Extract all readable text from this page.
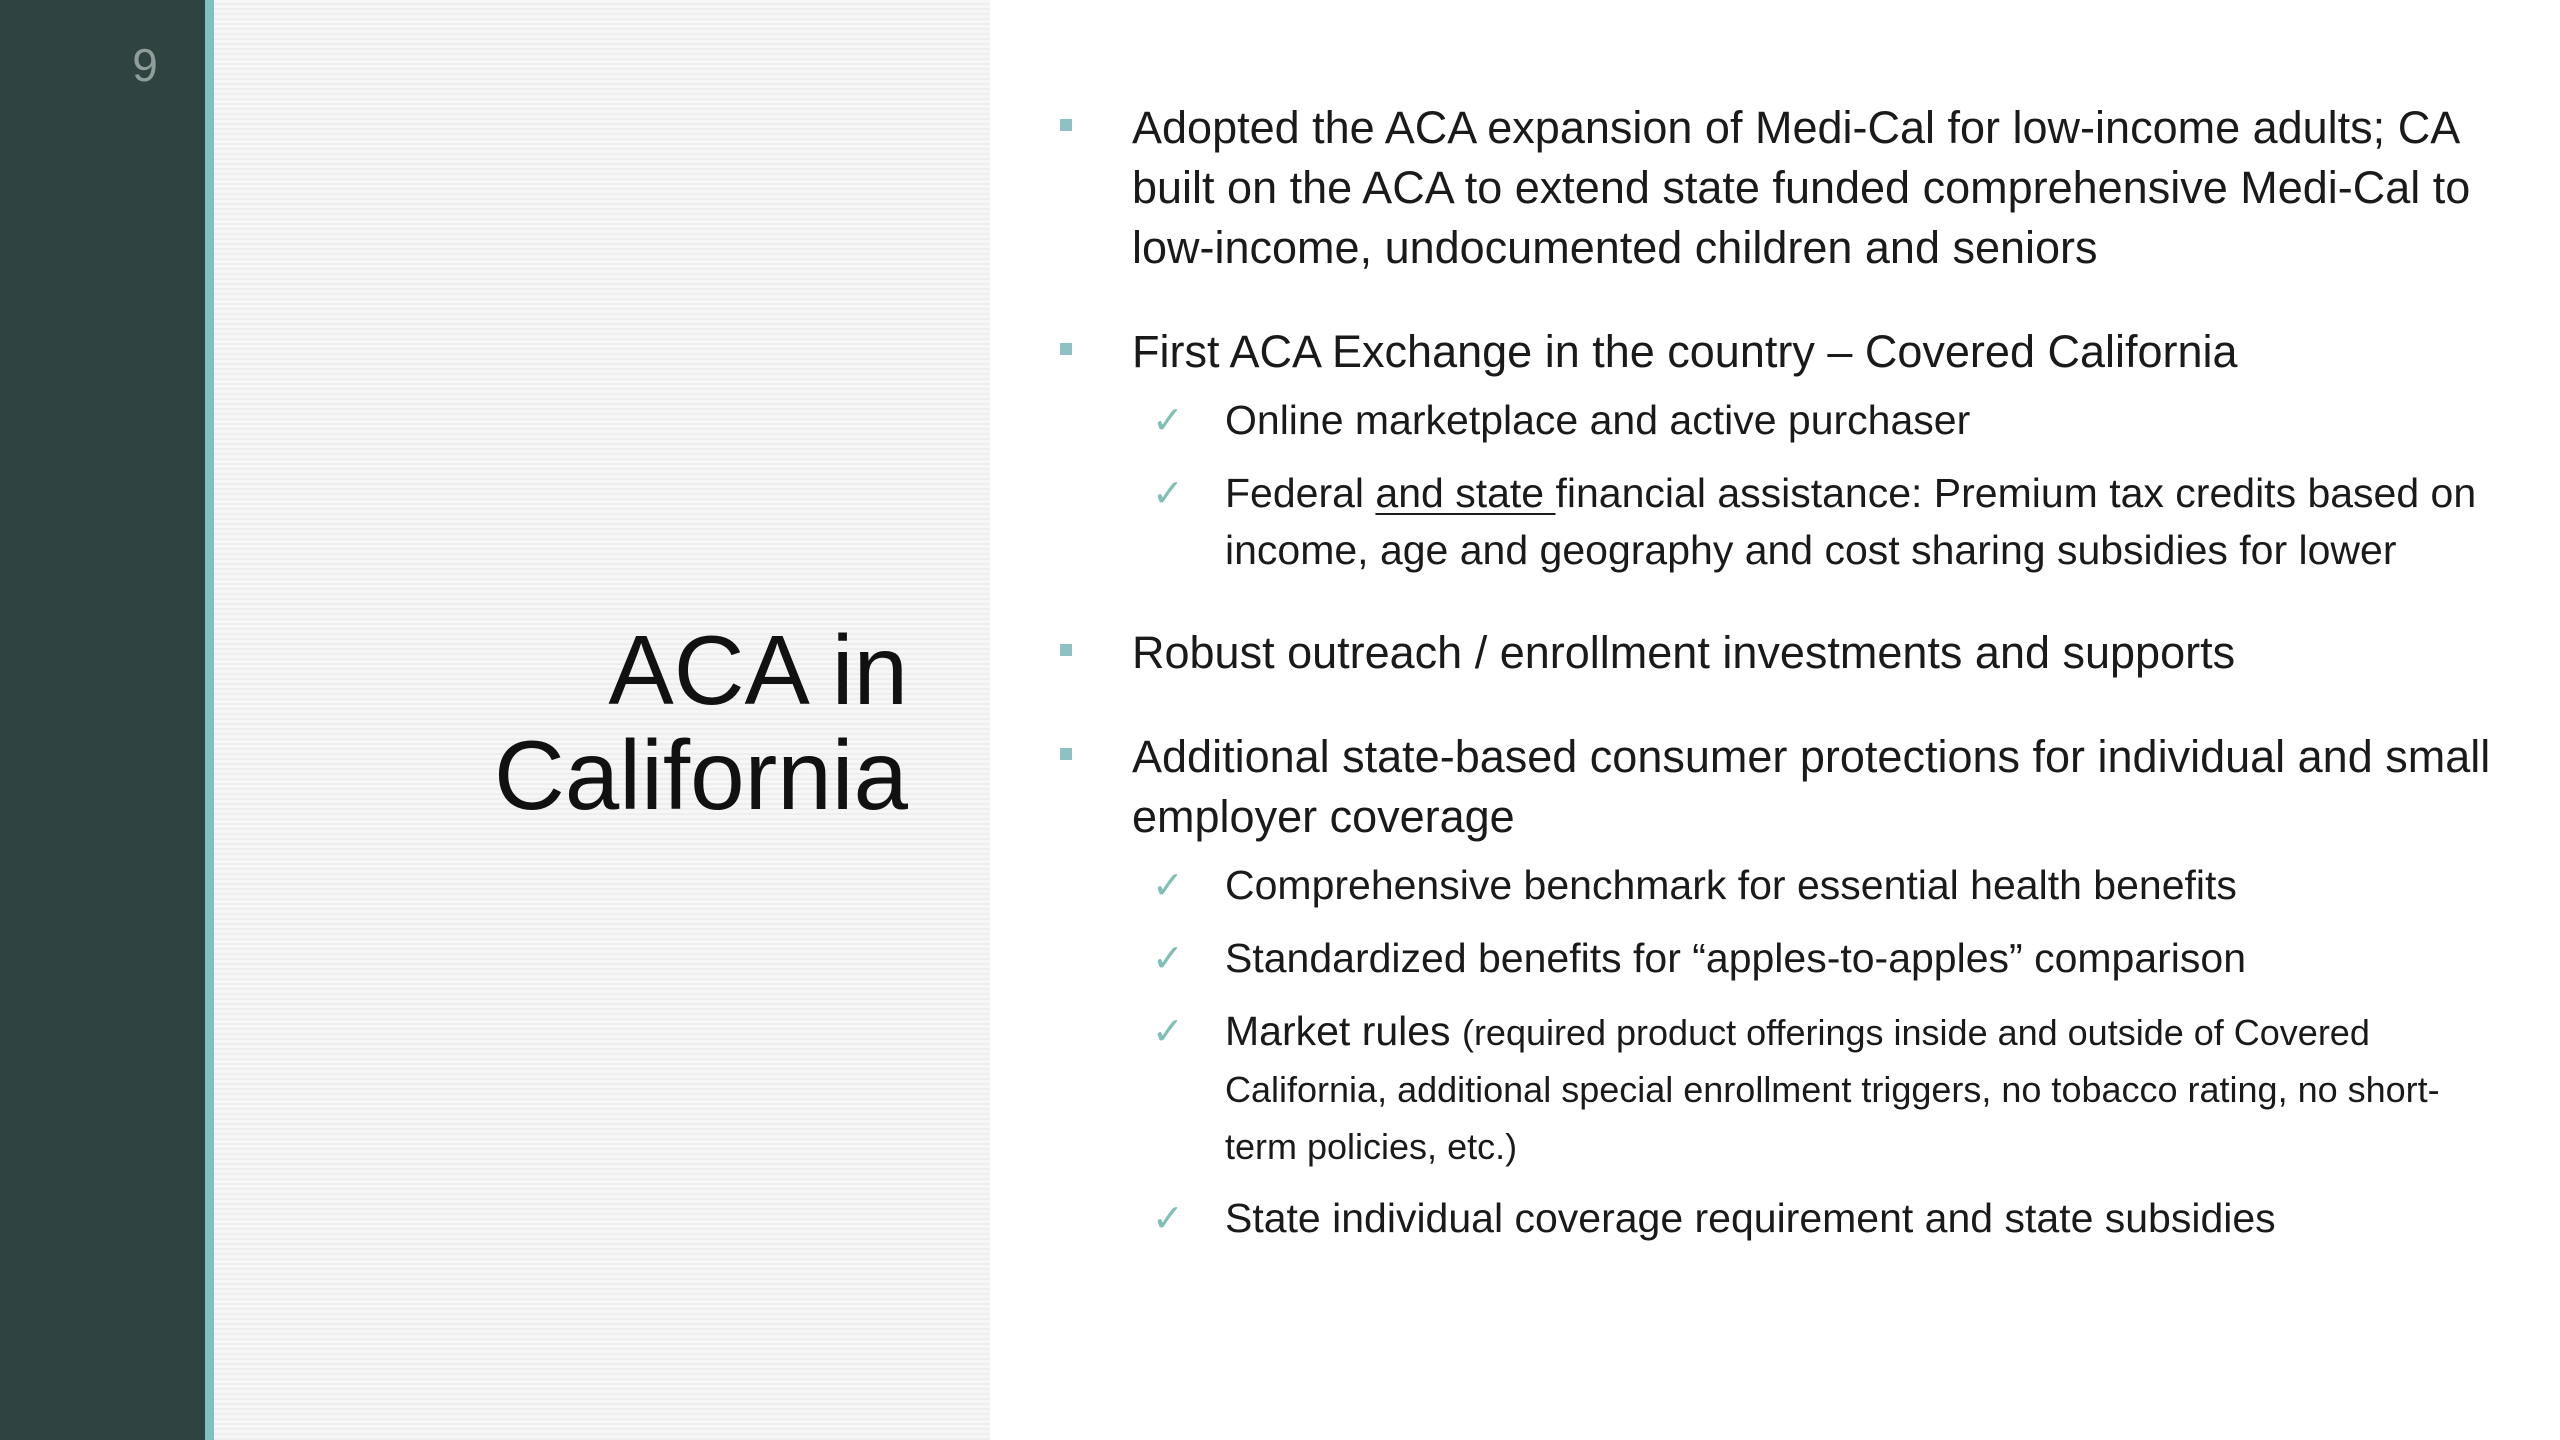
9
ACA in
California
Adopted the ACA expansion of Medi-Cal for low-income adults; CA built on the ACA to extend state funded comprehensive Medi-Cal to low-income, undocumented children and seniors
First ACA Exchange in the country – Covered California
✓ Online marketplace and active purchaser
✓ Federal and state financial assistance: Premium tax credits based on income, age and geography and cost sharing subsidies for lower
Robust outreach / enrollment investments and supports
Additional state-based consumer protections for individual and small employer coverage
✓ Comprehensive benchmark for essential health benefits
✓ Standardized benefits for “apples-to-apples” comparison
✓ Market rules (required product offerings inside and outside of Covered California, additional special enrollment triggers, no tobacco rating, no short-term policies, etc.)
✓ State individual coverage requirement and state subsidies
